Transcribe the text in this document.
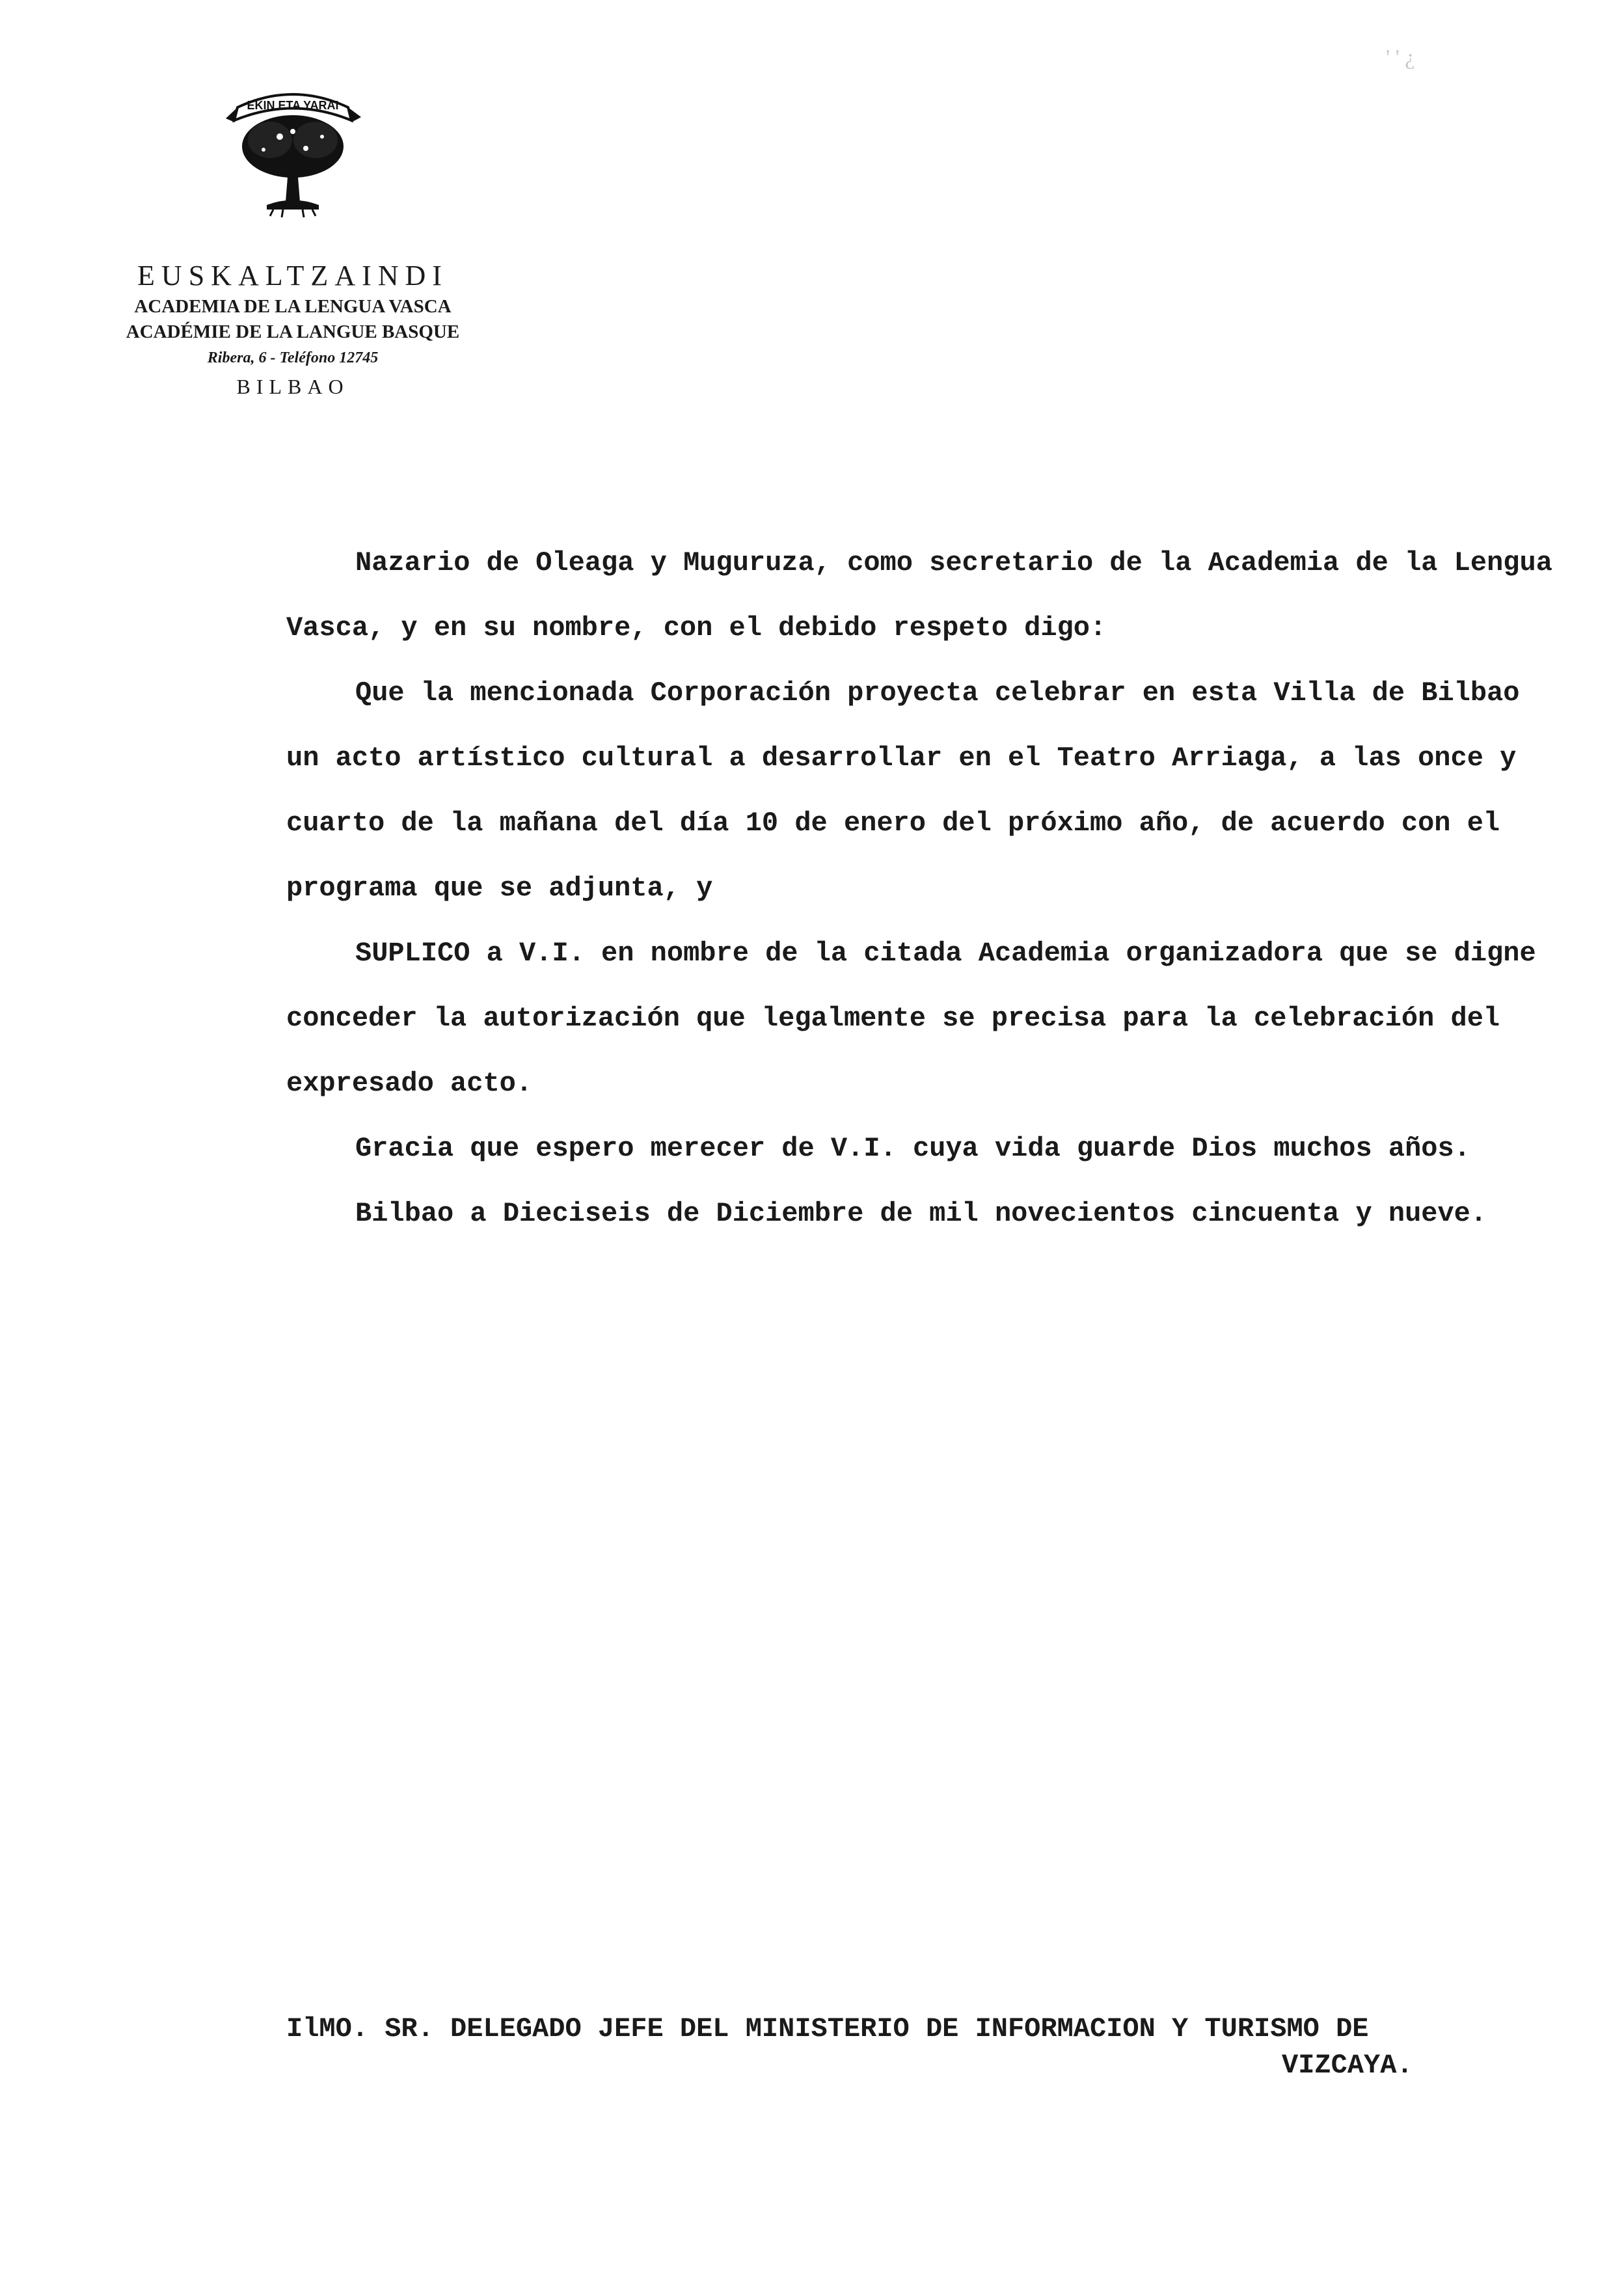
' ' ¿
EKIN ETA YARAI
EUSKALTZAINDI
ACADEMIA DE LA LENGUA VASCA
ACADÉMIE DE LA LANGUE BASQUE
Ribera, 6 - Teléfono 12745
BILBAO

Nazario de Oleaga y Muguruza, como secretario de la Academia de la Lengua Vasca, y en su nombre, con el debido respeto digo:

Que la mencionada Corporación proyecta celebrar en esta Villa de Bilbao un acto artístico cultural a desarrollar en el Teatro Arriaga, a las once y cuarto de la mañana del día 10 de enero del próximo año, de acuerdo con el programa que se adjunta, y

SUPLICO a V.I. en nombre de la citada Academia organizadora que se digne conceder la autorización que legalmente se precisa para la celebración del expresado acto.

Gracia que espero merecer de V.I. cuya vida guarde Dios muchos años.

Bilbao a Dieciseis de Diciembre de mil novecientos cincuenta y nueve.

IlMO. SR. DELEGADO JEFE DEL MINISTERIO DE INFORMACION Y TURISMO DE
VIZCAYA.
